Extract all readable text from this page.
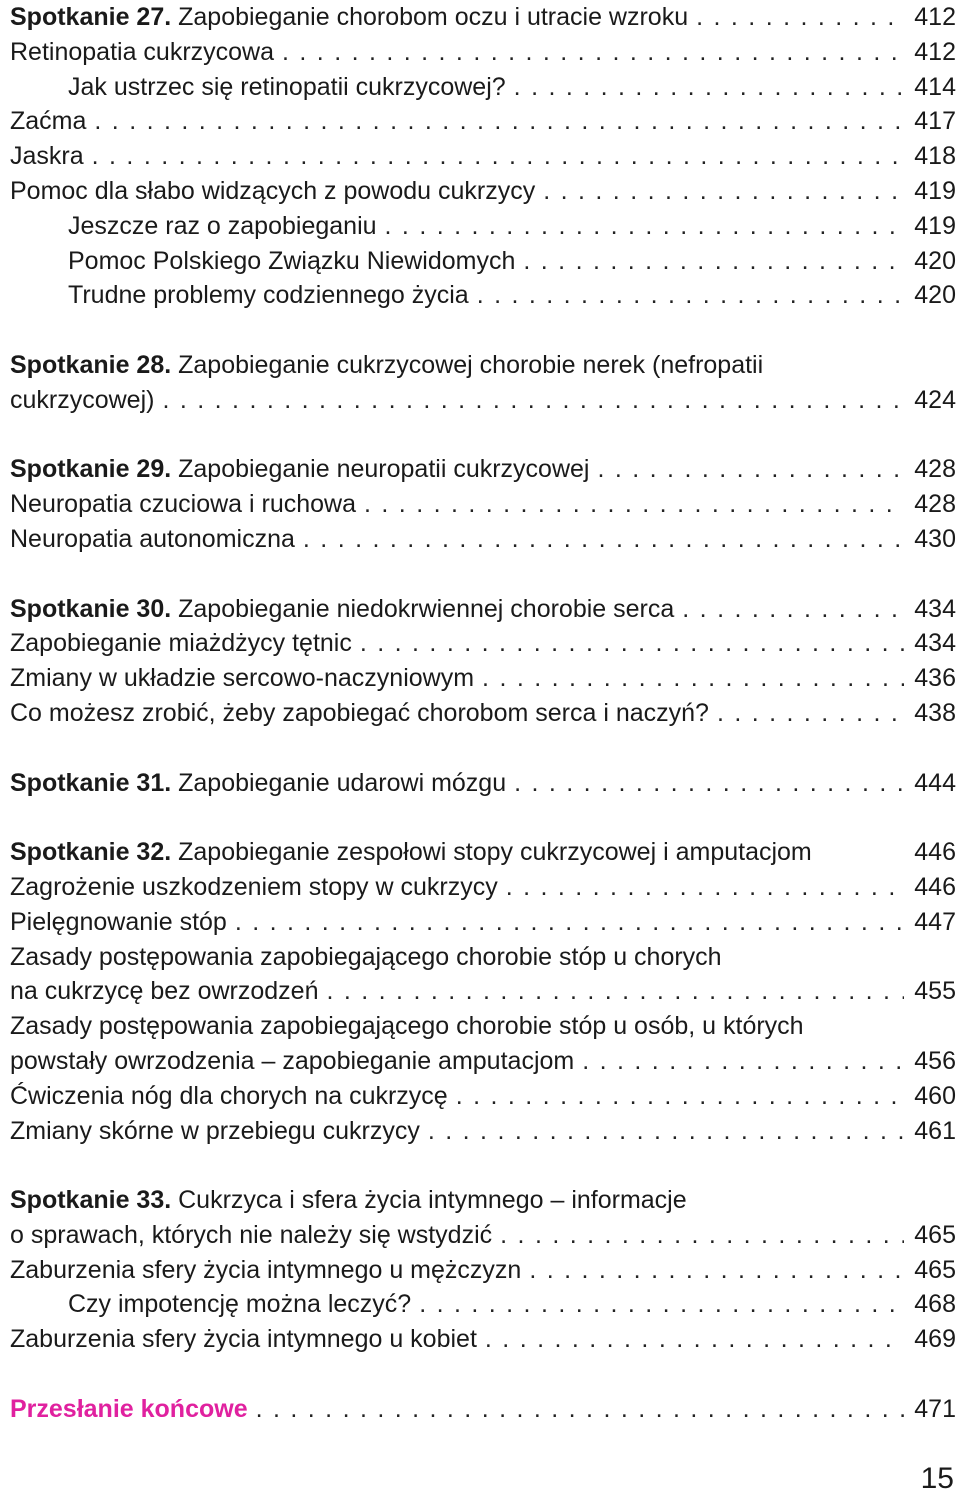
Spotkanie 27. Zapobieganie chorobom oczu i utracie wzroku . . .	412
Retinopatia cukrzycowa . . .	412
Jak ustrzec się retinopatii cukrzycowej? . . .	414
Zaćma . . .	417
Jaskra . . .	418
Pomoc dla słabo widzących z powodu cukrzycy . . .	419
Jeszcze raz o zapobieganiu . . .	419
Pomoc Polskiego Związku Niewidomych . . .	420
Trudne problemy codziennego życia . . .	420
Spotkanie 28. Zapobieganie cukrzycowej chorobie nerek (nefropatii
cukrzycowej) . . .	424
Spotkanie 29. Zapobieganie neuropatii cukrzycowej . . .	428
Neuropatia czuciowa i ruchowa . . .	428
Neuropatia autonomiczna . . .	430
Spotkanie 30. Zapobieganie niedokrwiennej chorobie serca . . .	434
Zapobieganie miażdżycy tętnic . . .	434
Zmiany w układzie sercowo-naczyniowym . . .	436
Co możesz zrobić, żeby zapobiegać chorobom serca i naczyń? . . .	438
Spotkanie 31. Zapobieganie udarowi mózgu . . .	444
Spotkanie 32. Zapobieganie zespołowi stopy cukrzycowej i amputacjom	446
Zagrożenie uszkodzeniem stopy w cukrzycy . . .	446
Pielęgnowanie stóp . . .	447
Zasady postępowania zapobiegającego chorobie stóp u chorych
na cukrzycę bez owrzodzeń . . .	455
Zasady postępowania zapobiegającego chorobie stóp u osób, u których
powstały owrzodzenia – zapobieganie amputacjom . . .	456
Ćwiczenia nóg dla chorych na cukrzycę . . .	460
Zmiany skórne w przebiegu cukrzycy . . .	461
Spotkanie 33. Cukrzyca i sfera życia intymnego – informacje
o sprawach, których nie należy się wstydzić . . .	465
Zaburzenia sfery życia intymnego u mężczyzn . . .	465
Czy impotencję można leczyć? . . .	468
Zaburzenia sfery życia intymnego u kobiet . . .	469
Przesłanie końcowe . . .	471
15
